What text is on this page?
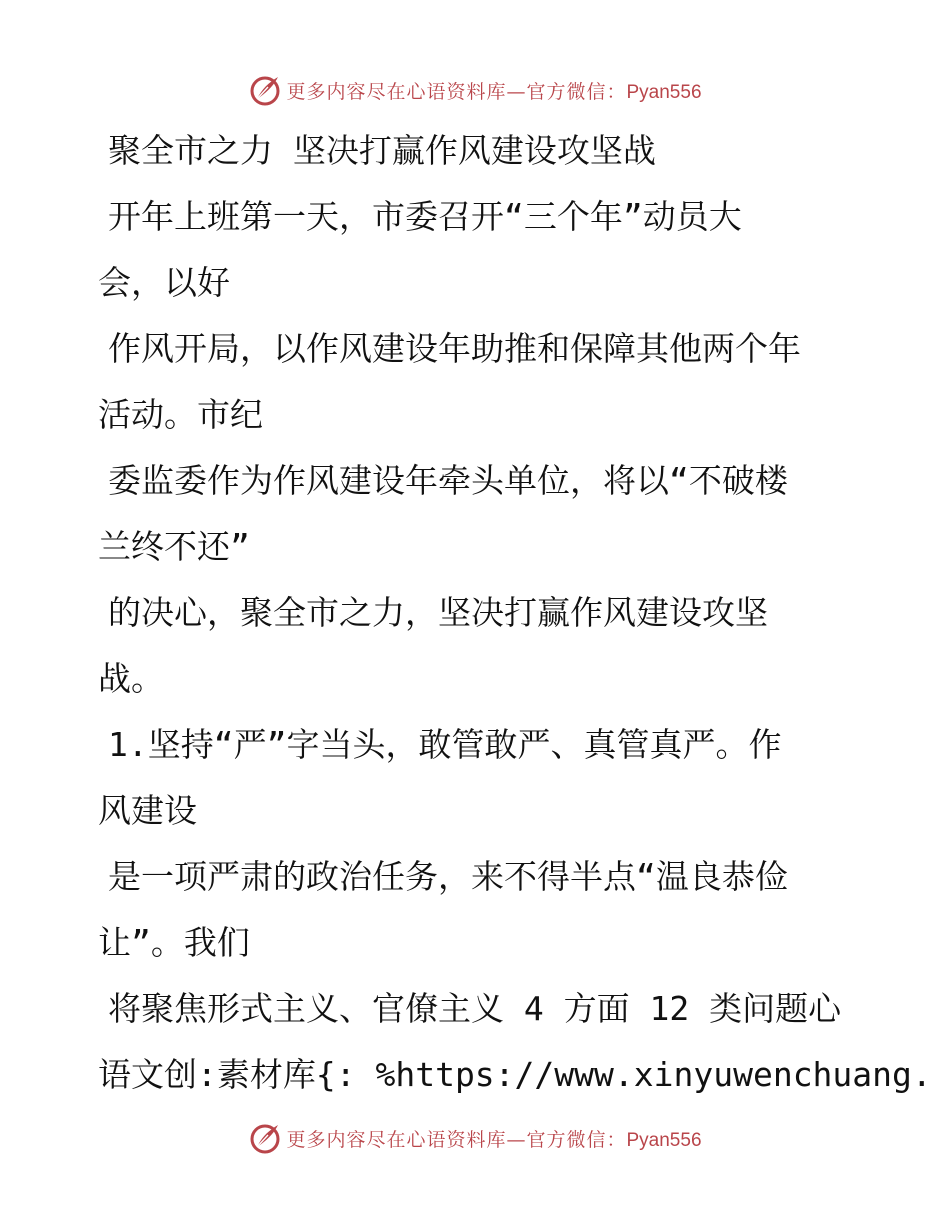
更多内容尽在心语资料库—官方微信：Pyan556
聚全市之力 坚决打赢作风建设攻坚战
开年上班第一天，市委召开“三个年”动员大
会，以好
作风开局，以作风建设年助推和保障其他两个年
活动。市纪
委监委作为作风建设年牵头单位，将以“不破楼
兰终不还”
的决心，聚全市之力，坚决打赢作风建设攻坚
战。
1.坚持“严”字当头，敢管敢严、真管真严。作
风建设
是一项严肃的政治任务，来不得半点“温良恭俭
让”。我们
将聚焦形式主义、官僚主义 4 方面 12 类问题心
语文创:素材库{: %https://www.xinyuwenchuang.
更多内容尽在心语资料库—官方微信：Pyan556
